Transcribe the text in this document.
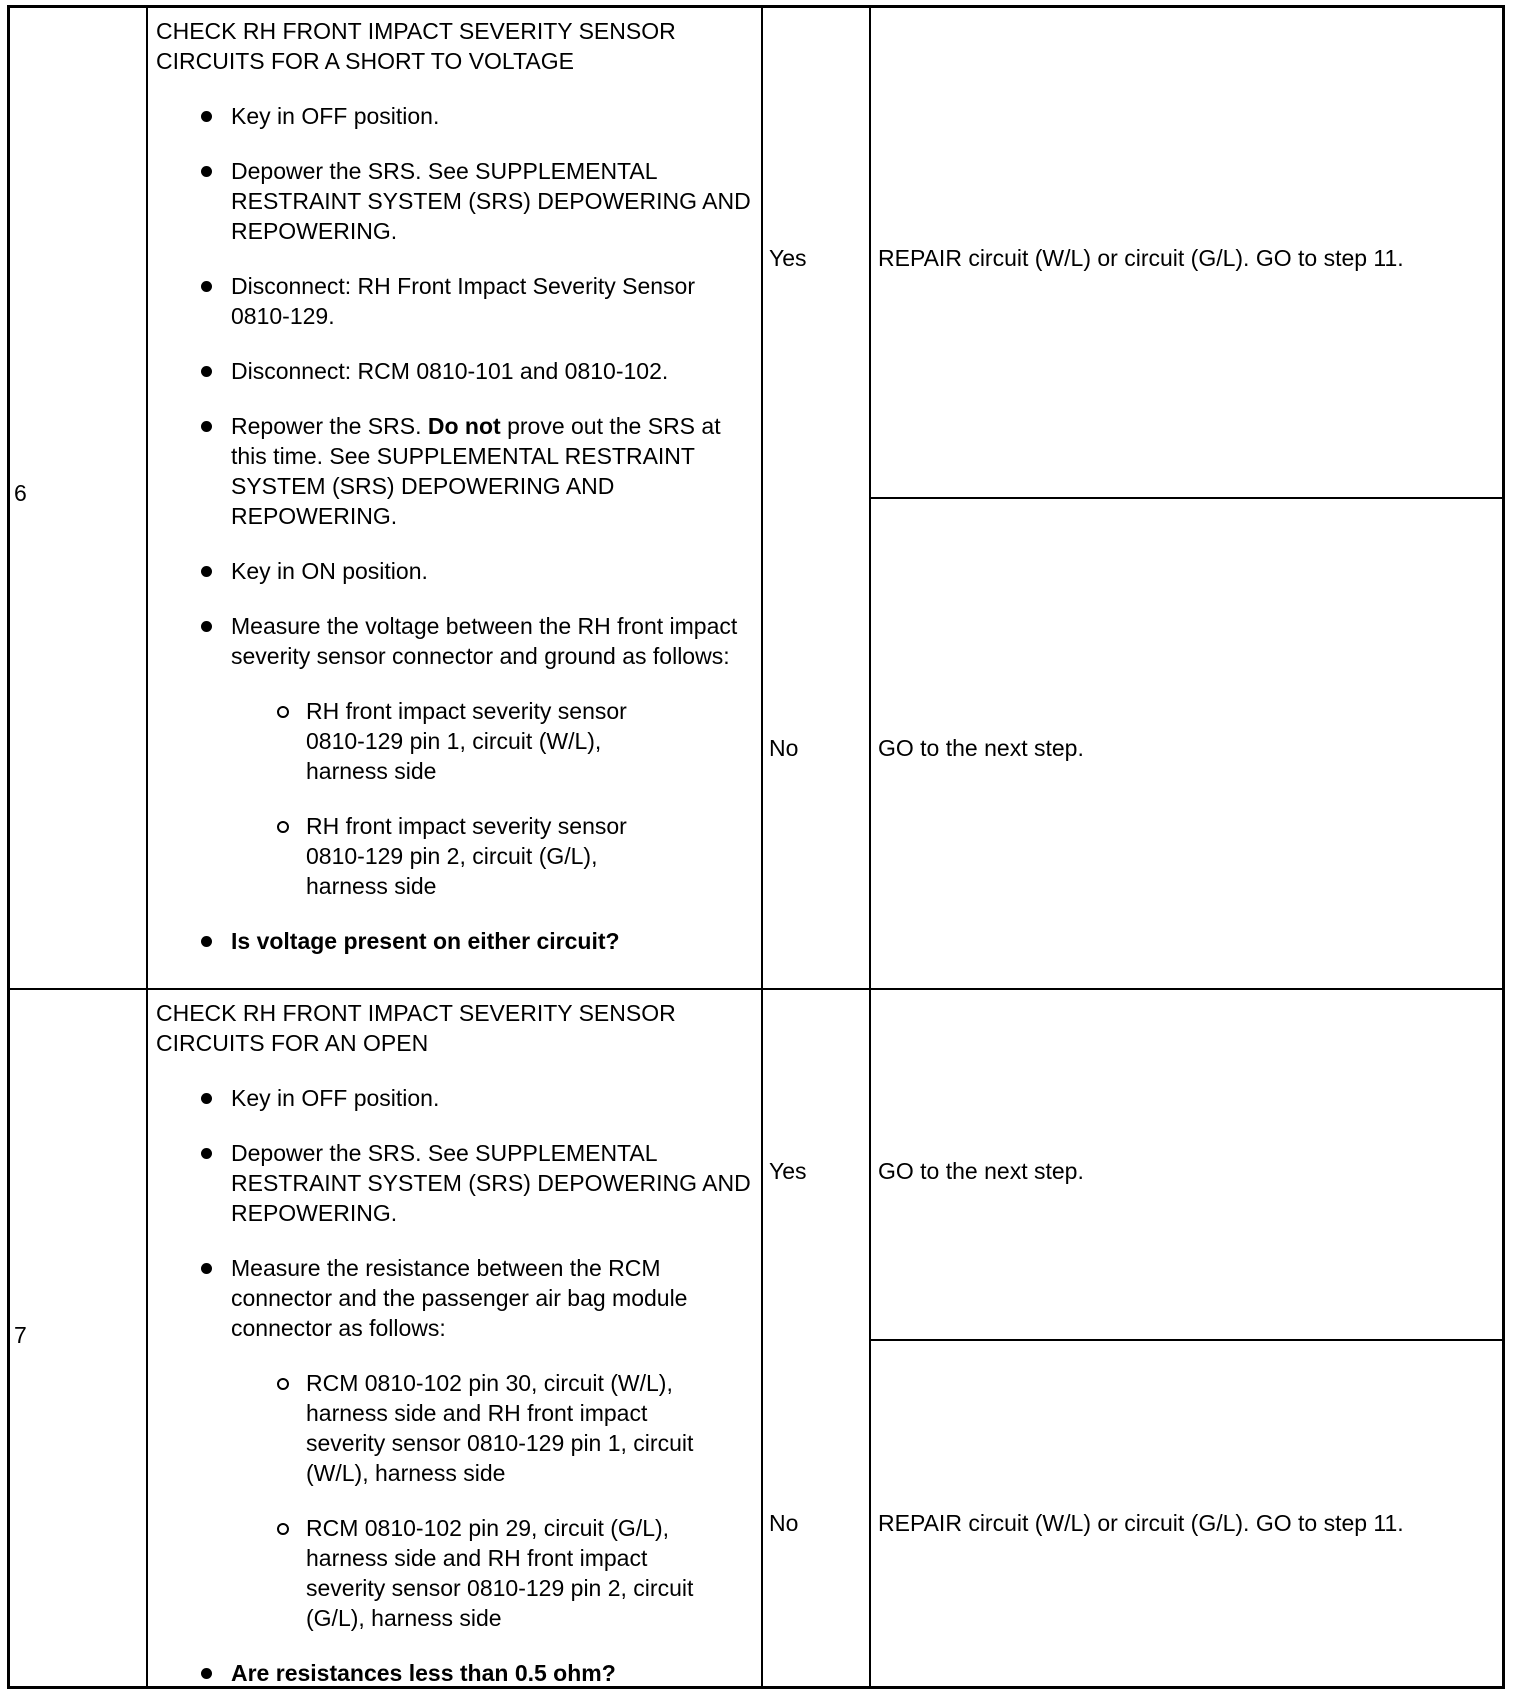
6
CHECK RH FRONT IMPACT SEVERITY SENSOR CIRCUITS FOR A SHORT TO VOLTAGE
Key in OFF position.
Depower the SRS. See SUPPLEMENTAL RESTRAINT SYSTEM (SRS) DEPOWERING AND REPOWERING.
Disconnect: RH Front Impact Severity Sensor 0810-129.
Disconnect: RCM 0810-101 and 0810-102.
Repower the SRS. Do not prove out the SRS at this time. See SUPPLEMENTAL RESTRAINT SYSTEM (SRS) DEPOWERING AND REPOWERING.
Key in ON position.
Measure the voltage between the RH front impact severity sensor connector and ground as follows:
RH front impact severity sensor 0810-129 pin 1, circuit (W/L), harness side
RH front impact severity sensor 0810-129 pin 2, circuit (G/L), harness side
Is voltage present on either circuit?
Yes	REPAIR circuit (W/L) or circuit (G/L). GO to step 11.
No	GO to the next step.
7
CHECK RH FRONT IMPACT SEVERITY SENSOR CIRCUITS FOR AN OPEN
Key in OFF position.
Depower the SRS. See SUPPLEMENTAL RESTRAINT SYSTEM (SRS) DEPOWERING AND REPOWERING.
Measure the resistance between the RCM connector and the passenger air bag module connector as follows:
RCM 0810-102 pin 30, circuit (W/L), harness side and RH front impact severity sensor 0810-129 pin 1, circuit (W/L), harness side
RCM 0810-102 pin 29, circuit (G/L), harness side and RH front impact severity sensor 0810-129 pin 2, circuit (G/L), harness side
Are resistances less than 0.5 ohm?
Yes	GO to the next step.
No	REPAIR circuit (W/L) or circuit (G/L). GO to step 11.
